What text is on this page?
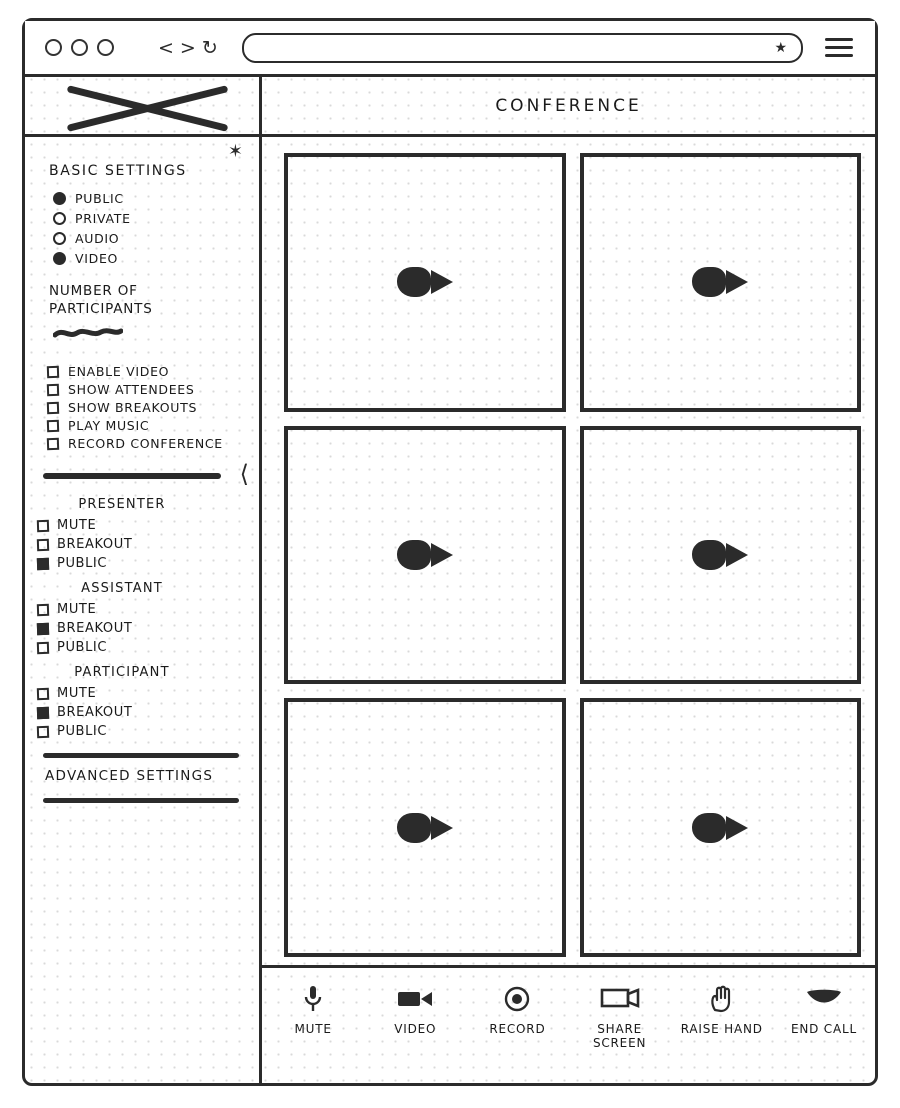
< > ↻	★
CONFERENCE
✶
BASIC SETTINGS
PUBLIC
PRIVATE
AUDIO
VIDEO
NUMBER OF
PARTICIPANTS
ENABLE VIDEO
SHOW ATTENDEES
SHOW BREAKOUTS
PLAY MUSIC
RECORD CONFERENCE
⟨
PRESENTER
MUTE
BREAKOUT
PUBLIC
ASSISTANT
MUTE
BREAKOUT
PUBLIC
PARTICIPANT
MUTE
BREAKOUT
PUBLIC
ADVANCED SETTINGS
MUTE	VIDEO	RECORD	SHARE SCREEN
RAISE HAND END CALL
